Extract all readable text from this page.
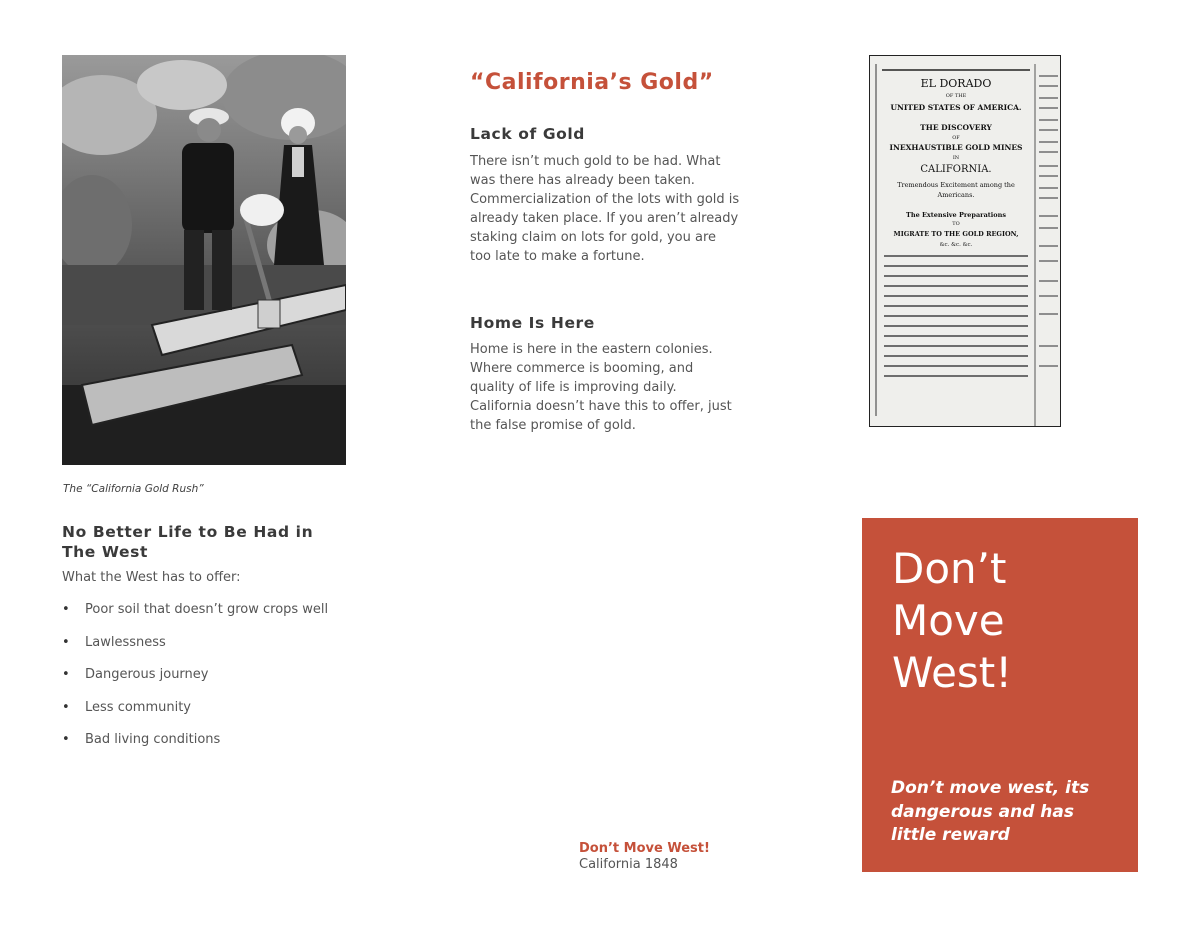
The “California Gold Rush”
No Better Life to Be Had in The West
What the West has to offer:
• Poor soil that doesn’t grow crops well
• Lawlessness
• Dangerous journey
• Less community
• Bad living conditions
“California’s Gold”
Lack of Gold

There isn’t much gold to be had. What was there has already been taken. Commercialization of the lots with gold is already taken place. If you aren’t already staking claim on lots for gold, you are too late to make a fortune.

Home Is Here

Home is here in the eastern colonies. Where commerce is booming, and quality of life is improving daily. California doesn’t have this to offer, just the false promise of gold.

Don’t Move West!
California 1848
EL DORADO
OF THE
UNITED STATES OF AMERICA.
THE DISCOVERY
OF
INEXHAUSTIBLE GOLD MINES
IN
CALIFORNIA.
Tremendous Excitement among the
Americans.
The Extensive Preparations
TO
MIGRATE TO THE GOLD REGION,
&c. &c. &c.
Don’t Move West!
Don’t move west, its dangerous and has little reward
